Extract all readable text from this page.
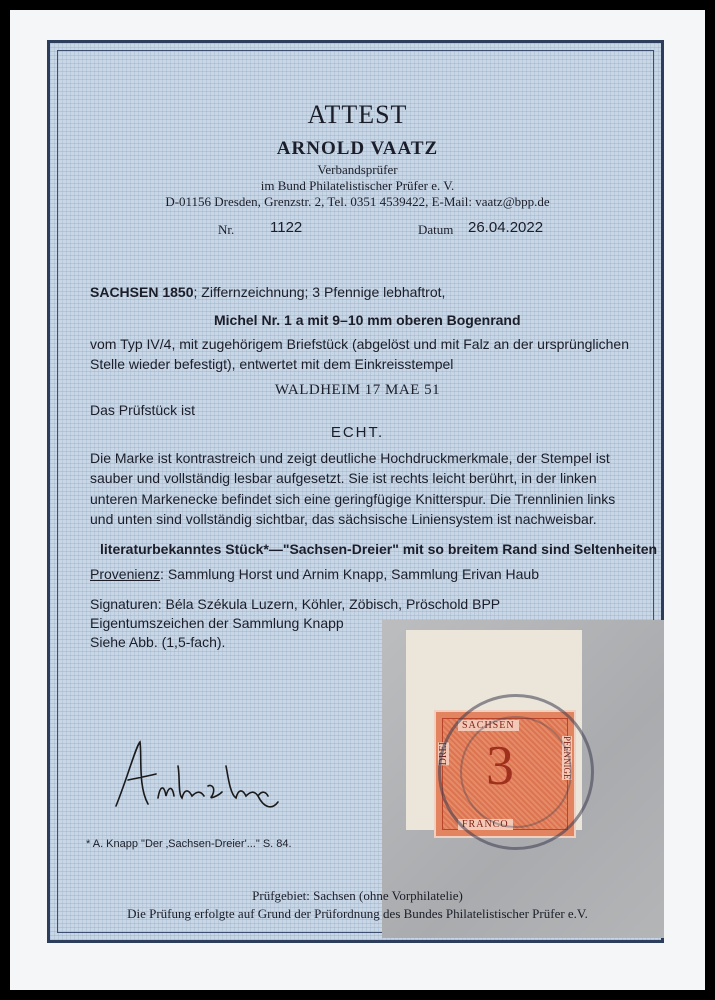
ATTEST
ARNOLD VAATZ
Verbandsprüfer
im Bund Philatelistischer Prüfer e. V.
D-01156 Dresden, Grenzstr. 2, Tel. 0351 4539422, E-Mail: vaatz@bpp.de
Nr. 1122	Datum 26.04.2022
SACHSEN 1850; Ziffernzeichnung; 3 Pfennige lebhaftrot,
Michel Nr. 1 a mit 9–10 mm oberen Bogenrand
vom Typ IV/4, mit zugehörigem Briefstück (abgelöst und mit Falz an der ursprünglichen
Stelle wieder befestigt), entwertet mit dem Einkreisstempel
WALDHEIM 17 MAE 51
Das Prüfstück ist
ECHT.
Die Marke ist kontrastreich und zeigt deutliche Hochdruckmerkmale, der Stempel ist
sauber und vollständig lesbar aufgesetzt. Sie ist rechts leicht berührt, in der linken
unteren Markenecke befindet sich eine geringfügige Knitterspur. Die Trennlinien links
und unten sind vollständig sichtbar, das sächsische Liniensystem ist nachweisbar.
literaturbekanntes Stück*—"Sachsen-Dreier" mit so breitem Rand sind Seltenheiten
Provenienz: Sammlung Horst und Arnim Knapp, Sammlung Erivan Haub
Signaturen: Béla Székula Luzern, Köhler, Zöbisch, Pröschold BPP
Eigentumszeichen der Sammlung Knapp
Siehe Abb. (1,5-fach).
SACHSEN
DREI	PFENNIGE
3
FRANCO
* A. Knapp "Der ‚Sachsen-Dreier'..." S. 84.
Prüfgebiet: Sachsen (ohne Vorphilatelie)
Die Prüfung erfolgte auf Grund der Prüfordnung des Bundes Philatelistischer Prüfer e.V.
